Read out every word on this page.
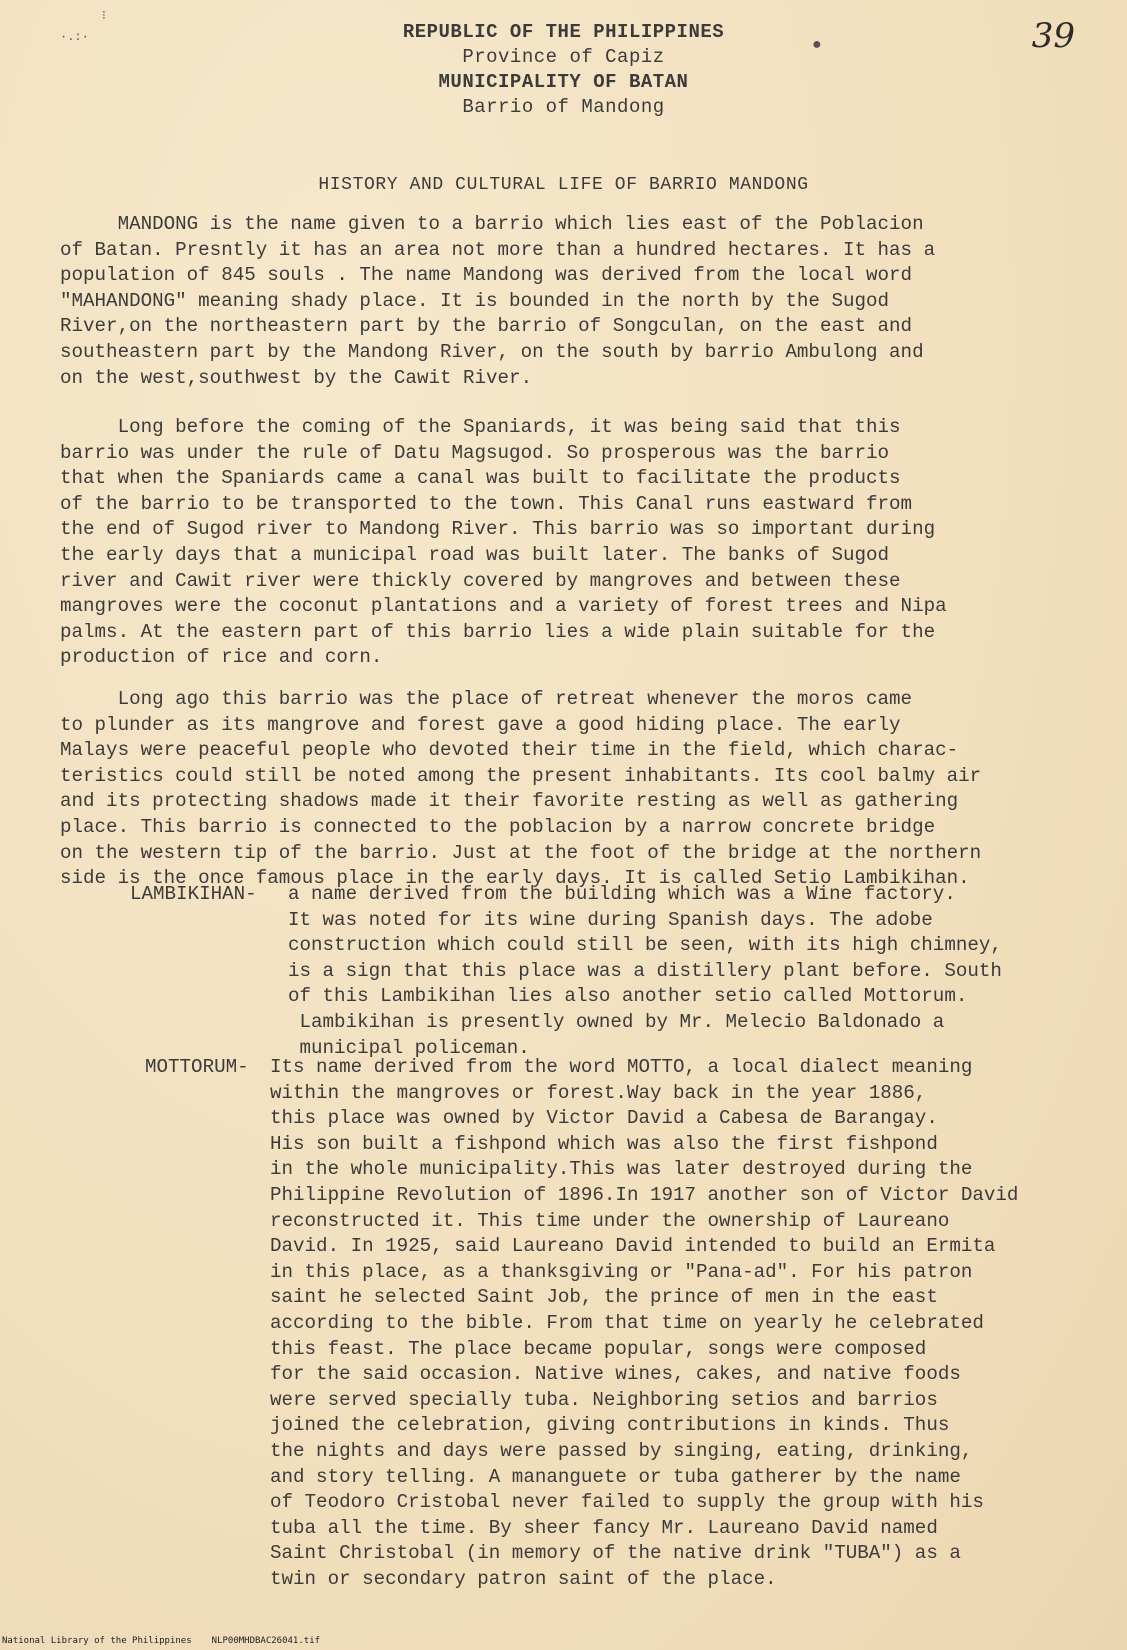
39
⁝
·.:·	●
REPUBLIC OF THE PHILIPPINES
Province of Capiz
MUNICIPALITY OF BATAN
Barrio of Mandong
HISTORY AND CULTURAL LIFE OF BARRIO MANDONG
MANDONG is the name given to a barrio which lies east of the Poblacion
of Batan. Presntly it has an area not more than a hundred hectares. It has a
population of 845 souls . The name Mandong was derived from the local word
"MAHANDONG" meaning shady place. It is bounded in the north by the Sugod
River,on the northeastern part by the barrio of Songculan, on the east and
southeastern part by the Mandong River, on the south by barrio Ambulong and
on the west,southwest by the Cawit River.
Long before the coming of the Spaniards, it was being said that this
barrio was under the rule of Datu Magsugod. So prosperous was the barrio
that when the Spaniards came a canal was built to facilitate the products
of the barrio to be transported to the town. This Canal runs eastward from
the end of Sugod river to Mandong River. This barrio was so important during
the early days that a municipal road was built later. The banks of Sugod
river and Cawit river were thickly covered by mangroves and between these
mangroves were the coconut plantations and a variety of forest trees and Nipa
palms. At the eastern part of this barrio lies a wide plain suitable for the
production of rice and corn.
Long ago this barrio was the place of retreat whenever the moros came
to plunder as its mangrove and forest gave a good hiding place. The early
Malays were peaceful people who devoted their time in the field, which charac-
teristics could still be noted among the present inhabitants. Its cool balmy air
and its protecting shadows made it their favorite resting as well as gathering
place. This barrio is connected to the poblacion by a narrow concrete bridge
on the western tip of the barrio. Just at the foot of the bridge at the northern
side is the once famous place in the early days. It is called Setio Lambikihan.
LAMBIKIHAN- a name derived from the building which was a Wine factory.
It was noted for its wine during Spanish days. The adobe
construction which could still be seen, with its high chimney,
is a sign that this place was a distillery plant before. South
of this Lambikihan lies also another setio called Mottorum.
Lambikihan is presently owned by Mr. Melecio Baldonado a
municipal policeman.
MOTTORUM- Its name derived from the word MOTTO, a local dialect meaning
within the mangroves or forest.Way back in the year 1886,
this place was owned by Victor David a Cabesa de Barangay.
His son built a fishpond which was also the first fishpond
in the whole municipality.This was later destroyed during the
Philippine Revolution of 1896.In 1917 another son of Victor David
reconstructed it. This time under the ownership of Laureano
David. In 1925, said Laureano David intended to build an Ermita
in this place, as a thanksgiving or "Pana-ad". For his patron
saint he selected Saint Job, the prince of men in the east
according to the bible. From that time on yearly he celebrated
this feast. The place became popular, songs were composed
for the said occasion. Native wines, cakes, and native foods
were served specially tuba. Neighboring setios and barrios
joined the celebration, giving contributions in kinds. Thus
the nights and days were passed by singing, eating, drinking,
and story telling. A mananguete or tuba gatherer by the name
of Teodoro Cristobal never failed to supply the group with his
tuba all the time. By sheer fancy Mr. Laureano David named
Saint Christobal (in memory of the native drink "TUBA") as a
twin or secondary patron saint of the place.
National Library of the Philippines NLP00MHDBAC26041.tif
